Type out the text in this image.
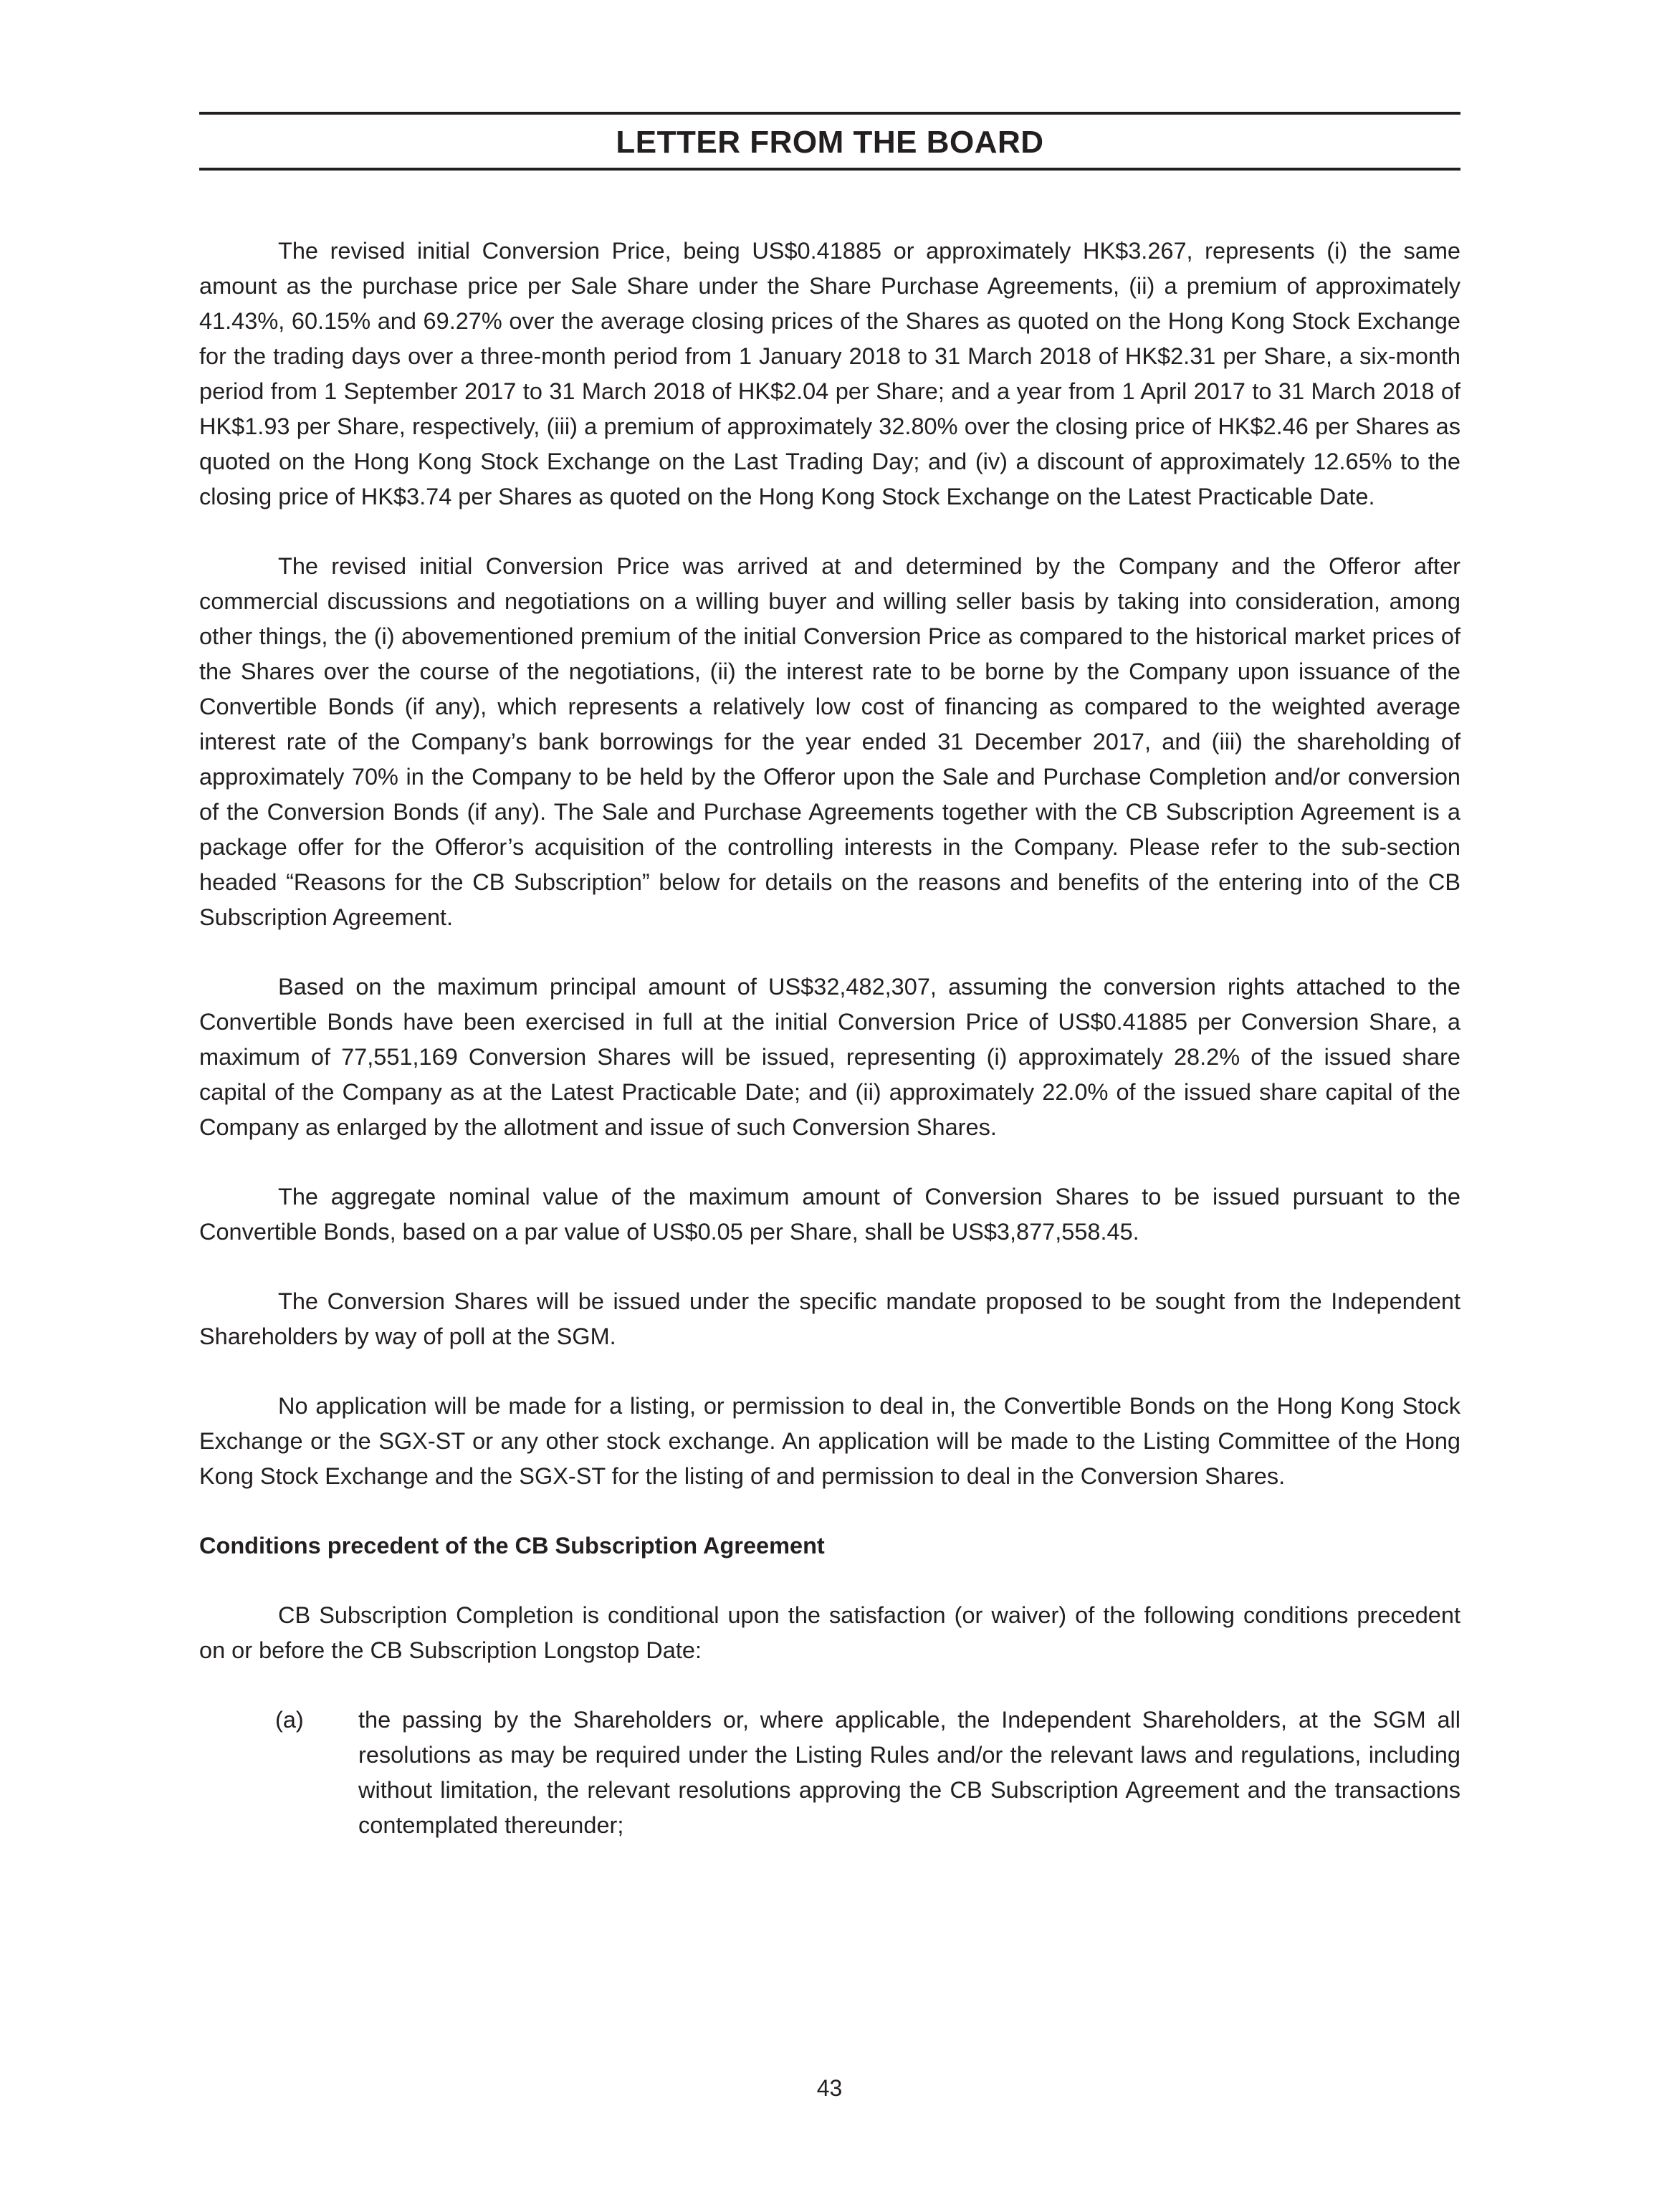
LETTER FROM THE BOARD

The revised initial Conversion Price, being US$0.41885 or approximately HK$3.267, represents (i) the same amount as the purchase price per Sale Share under the Share Purchase Agreements, (ii) a premium of approximately 41.43%, 60.15% and 69.27% over the average closing prices of the Shares as quoted on the Hong Kong Stock Exchange for the trading days over a three-month period from 1 January 2018 to 31 March 2018 of HK$2.31 per Share, a six-month period from 1 September 2017 to 31 March 2018 of HK$2.04 per Share; and a year from 1 April 2017 to 31 March 2018 of HK$1.93 per Share, respectively, (iii) a premium of approximately 32.80% over the closing price of HK$2.46 per Shares as quoted on the Hong Kong Stock Exchange on the Last Trading Day; and (iv) a discount of approximately 12.65% to the closing price of HK$3.74 per Shares as quoted on the Hong Kong Stock Exchange on the Latest Practicable Date.

The revised initial Conversion Price was arrived at and determined by the Company and the Offeror after commercial discussions and negotiations on a willing buyer and willing seller basis by taking into consideration, among other things, the (i) abovementioned premium of the initial Conversion Price as compared to the historical market prices of the Shares over the course of the negotiations, (ii) the interest rate to be borne by the Company upon issuance of the Convertible Bonds (if any), which represents a relatively low cost of financing as compared to the weighted average interest rate of the Company’s bank borrowings for the year ended 31 December 2017, and (iii) the shareholding of approximately 70% in the Company to be held by the Offeror upon the Sale and Purchase Completion and/or conversion of the Conversion Bonds (if any). The Sale and Purchase Agreements together with the CB Subscription Agreement is a package offer for the Offeror’s acquisition of the controlling interests in the Company. Please refer to the sub-section headed “Reasons for the CB Subscription” below for details on the reasons and benefits of the entering into of the CB Subscription Agreement.

Based on the maximum principal amount of US$32,482,307, assuming the conversion rights attached to the Convertible Bonds have been exercised in full at the initial Conversion Price of US$0.41885 per Conversion Share, a maximum of 77,551,169 Conversion Shares will be issued, representing (i) approximately 28.2% of the issued share capital of the Company as at the Latest Practicable Date; and (ii) approximately 22.0% of the issued share capital of the Company as enlarged by the allotment and issue of such Conversion Shares.

The aggregate nominal value of the maximum amount of Conversion Shares to be issued pursuant to the Convertible Bonds, based on a par value of US$0.05 per Share, shall be US$3,877,558.45.

The Conversion Shares will be issued under the specific mandate proposed to be sought from the Independent Shareholders by way of poll at the SGM.

No application will be made for a listing, or permission to deal in, the Convertible Bonds on the Hong Kong Stock Exchange or the SGX-ST or any other stock exchange. An application will be made to the Listing Committee of the Hong Kong Stock Exchange and the SGX-ST for the listing of and permission to deal in the Conversion Shares.

Conditions precedent of the CB Subscription Agreement

CB Subscription Completion is conditional upon the satisfaction (or waiver) of the following conditions precedent on or before the CB Subscription Longstop Date:

(a) the passing by the Shareholders or, where applicable, the Independent Shareholders, at the SGM all resolutions as may be required under the Listing Rules and/or the relevant laws and regulations, including without limitation, the relevant resolutions approving the CB Subscription Agreement and the transactions contemplated thereunder;
43
